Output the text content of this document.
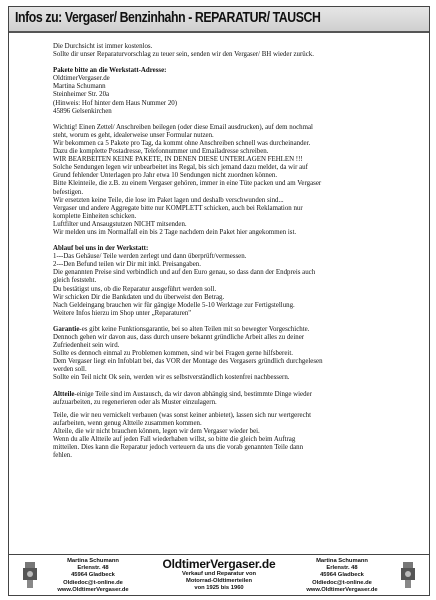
Infos zu: Vergaser/ Benzinhahn - REPARATUR/ TAUSCH

Die Durchsicht ist immer kostenlos.

Sollte dir unser Reparaturvorschlag zu teuer sein, senden wir den Vergaser/ BH wieder zurück.

Pakete bitte an die Werkstatt-Adresse:

OldtimerVergaser.de

Martina Schumann

Steinheimer Str. 20a

(Hinweis: Hof hinter dem Haus Nummer 20)

45896 Gelsenkirchen

Wichtig! Einen Zettel/ Anschreiben beilegen (oder diese Email ausdrucken), auf dem nochmal

steht, worum es geht, idealerweise unser Formular nutzen.

Wir bekommen ca 5 Pakete pro Tag, da kommt ohne Anschreiben schnell was durcheinander.

Dazu die komplette Postadresse, Telefonnummer und Emailadresse schreiben.

WIR BEARBEITEN KEINE PAKETE, IN DENEN DIESE UNTERLAGEN FEHLEN !!!

Solche Sendungen legen wir unbearbeitet ins Regal, bis sich jemand dazu meldet, da wir auf

Grund fehlender Unterlagen pro Jahr etwa 10 Sendungen nicht zuordnen können.

Bitte Kleinteile, die z.B. zu einem Vergaser gehören, immer in eine Tüte packen und am Vergaser

befestigen.

Wir ersetzten keine Teile, die lose im Paket lagen und deshalb verschwunden sind...

Vergaser und andere Aggregate bitte nur KOMPLETT schicken, auch bei Reklamation nur

komplette Einheiten schicken.

Luftfilter und Ansaugstutzen NICHT mitsenden.

Wir melden uns im Normalfall ein bis 2 Tage nachdem dein Paket hier angekommen ist.

Ablauf bei uns in der Werkstatt:

1---Das Gehäuse/ Teile werden zerlegt und dann überprüft/vermessen.

2---Den Befund teilen wir Dir mit inkl. Preisangaben.

Die genannten Preise sind verbindlich und auf den Euro genau, so dass dann der Endpreis auch

gleich feststeht.

Du bestätigst uns, ob die Reparatur ausgeführt werden soll.

Wir schicken Dir die Bankdaten und du überweist den Betrag.

Nach Geldeingang brauchen wir für gängige Modelle 5-10 Werktage zur Fertigstellung.

Weitere Infos hierzu im Shop unter „Reparaturen"

Garantie-es gibt keine Funktionsgarantie, bei so alten Teilen mit so bewegter Vorgeschichte.

Dennoch gehen wir davon aus, dass durch unsere bekannt gründliche Arbeit alles zu deiner

Zufriedenheit sein wird.

Sollte es dennoch einmal zu Problemen kommen, sind wir bei Fragen gerne hilfsbereit.

Dem Vergaser liegt ein Infoblatt bei, das VOR der Montage des Vergasers gründlich durchgelesen

werden soll.

Sollte ein Teil nicht Ok sein, werden wir es selbstverständlich kostenfrei nachbessern.

Altteile-einige Teile sind im Austausch, da wir davon abhängig sind, bestimmte Dinge wieder

aufzuarbeiten, zu regenerieren oder als Muster einzulagern.

Teile, die wir neu vernickelt verbauen (was sonst keiner anbietet), lassen sich nur wertgerecht

aufarbeiten, wenn genug Altteile zusammen kommen.

Alteile, die wir nicht brauchen können, legen wir dem Vergaser wieder bei.

Wenn du alle Altteile auf jeden Fall wiederhaben willst, so bitte die gleich beim Auftrag

mitteilen. Dies kann die Reparatur jedoch verteuern da uns die vorab genannten Teile dann

fehlen.

Martina Schumann
Erlenstr. 48
45964 Gladbeck
Oldiedoc@t-online.de
www.OldtimerVergaser.de
OldtimerVergaser.de
Verkauf und Reparatur von
Motorrad-Oldtimerteilen
von 1925 bis 1960
Martina Schumann
Erlenstr. 48
45964 Gladbeck
Oldiedoc@t-online.de
www.OldtimerVergaser.de
